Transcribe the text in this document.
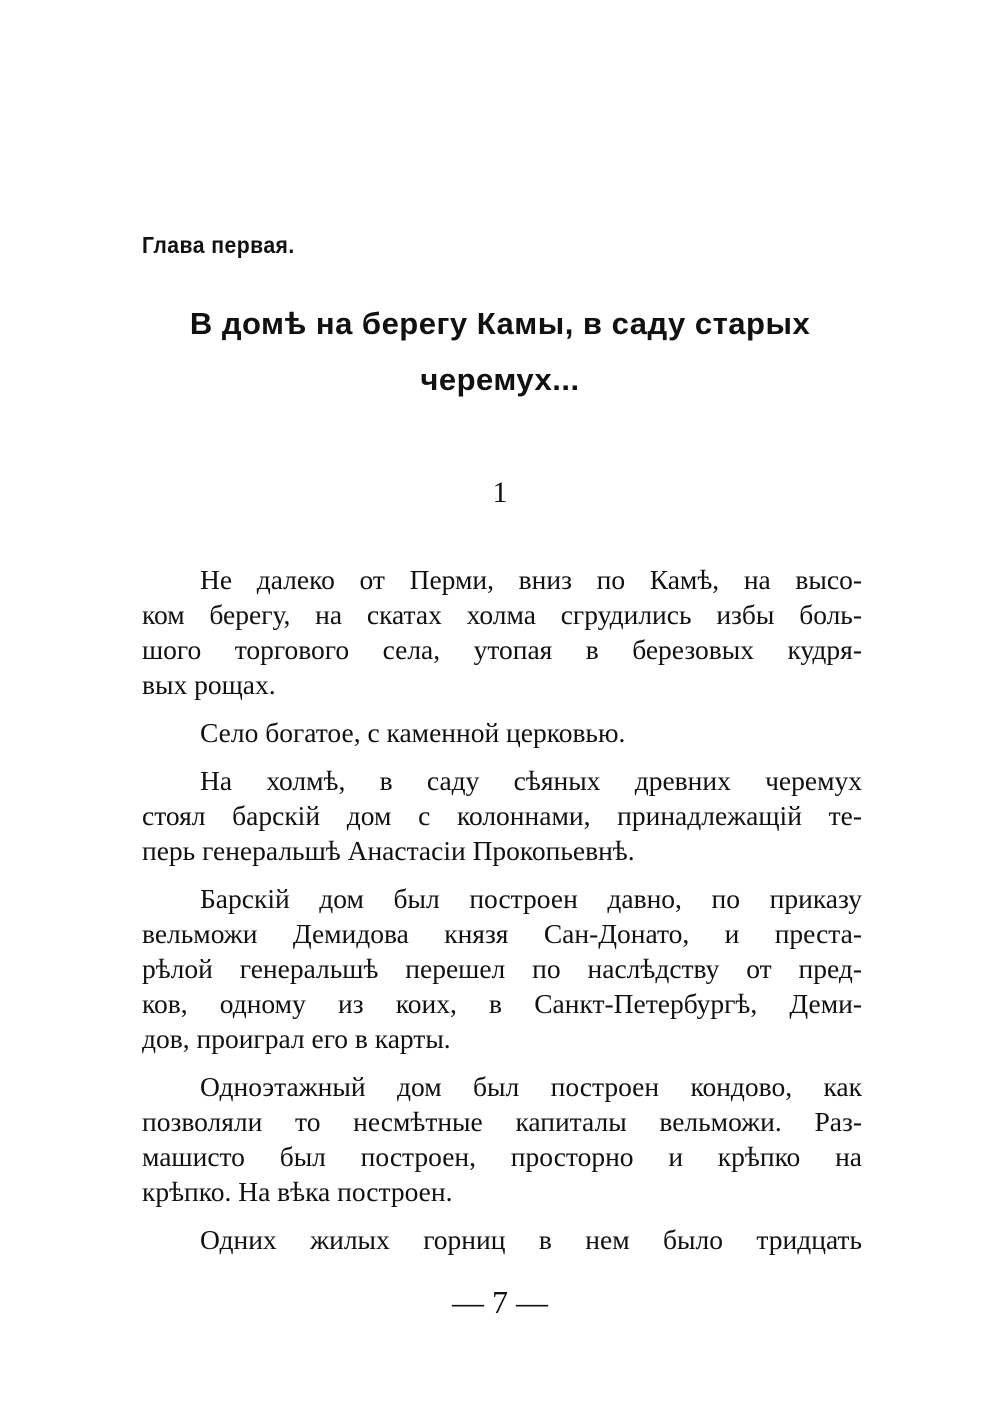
Глава первая.
В домѣ на берегу Камы, в саду старых
черемух...
1

Не далеко от Перми, вниз по Камѣ, на высо-
ком берегу, на скатах холма сгрудились избы боль-
шого торгового села, утопая в березовых кудря-
вых рощах.

Село богатое, с каменной церковью.

На холмѣ, в саду сѣяных древних черемух
стоял барскій дом с колоннами, принадлежащій те-
перь генеральшѣ Анастасіи Прокопьевнѣ.

Барскій дом был построен давно, по приказу
вельможи Демидова князя Сан-Донато, и преста-
рѣлой генеральшѣ перешел по наслѣдству от пред-
ков, одному из коих, в Санкт-Петербургѣ, Деми-
дов, проиграл его в карты.

Одноэтажный дом был построен кондово, как
позволяли то несмѣтные капиталы вельможи. Раз-
машисто был построен, просторно и крѣпко на
крѣпко. На вѣка построен.

Одних жилых горниц в нем было тридцать

— 7 —
